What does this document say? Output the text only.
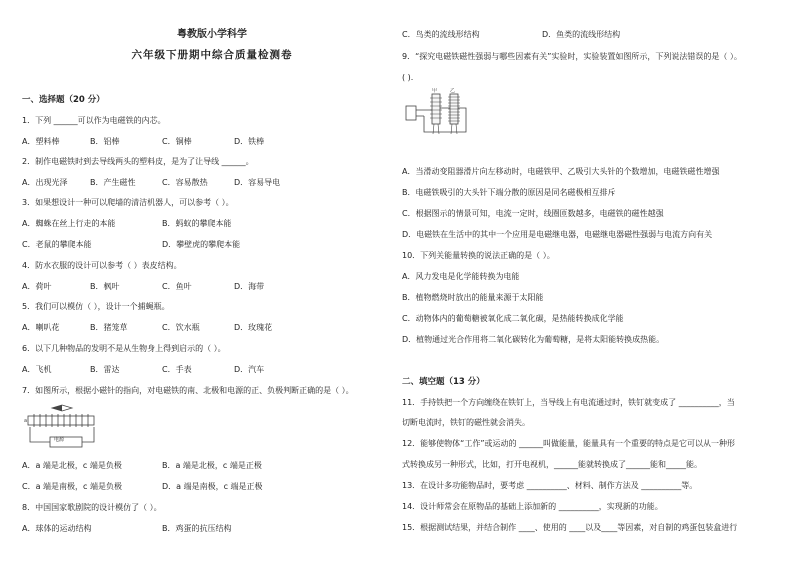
粤教版小学科学
六年级下册期中综合质量检测卷
一、选择题（20 分）
1．下列 ______可以作为电磁铁的内芯。
A．塑料棒	B．铝棒	C．铜棒	D．铁棒
2．制作电磁铁时到去导线两头的塑料皮，是为了让导线 ______。
A．出现光泽	B．产生磁性	C．容易散热	D．容易导电
3．如果想设计一种可以爬墙的清洁机器人，可以参考（ ）。
A．蜘蛛在丝上行走的本能	B．蚂蚁的攀爬本能
C．老鼠的攀爬本能	D．攀壁虎的攀爬本能
4．防水衣服的设计可以参考（ ）表皮结构。
A．荷叶	B．枫叶	C．鱼叶	D．海带
5．我们可以模仿（ ），设计一个捕蝇瓶。
A．喇叭花	B．猪笼草	C．饮水瓶	D．玫瑰花
6．以下几种物品的发明不是从生物身上得到启示的（ ）。
A．飞机	B．雷达	C．手表	D．汽车
7．如图所示，根据小磁针的指向，对电磁铁的南、北极和电源的正、负极判断正确的是（ ）。
a
电源
A．a 端是北极，c 端是负极	B．a 端是北极，c 端是正极
C．a 端是南极，c 端是负极	D．a 端是南极，c 端是正极
8．中国国家歌剧院的设计模仿了（ ）。
A．球体的运动结构	B．鸡蛋的抗压结构
C．鸟类的流线形结构	D．鱼类的流线形结构
9．“探究电磁铁磁性强弱与哪些因素有关”实验时，实验装置如图所示，下列说法错误的是（ ）。
( ).
甲	乙
A．当滑动变阻器滑片向左移动时，电磁铁甲、乙吸引大头针的个数增加，电磁铁磁性增强
B．电磁铁吸引的大头针下端分散的原因是同名磁极相互排斥
C．根据图示的情景可知，电流一定时，线圈匝数越多，电磁铁的磁性越强
D．电磁铁在生活中的其中一个应用是电磁继电器，电磁继电器磁性强弱与电流方向有关
10．下列关能量转换的说法正确的是（ ）。
A．风力发电是化学能转换为电能
B．植物燃烧时放出的能量来源于太阳能
C．动物体内的葡萄糖被氧化成二氧化碳，是热能转换成化学能
D．植物通过光合作用将二氧化碳转化为葡萄糖，是将太阳能转换成热能。
二、填空题（13 分）
11．手持铁把一个方向缠绕在铁钉上，当导线上有电流通过时，铁钉就变成了 __________，当
切断电流时，铁钉的磁性就会消失。
12．能够使物体“工作”或运动的 ______叫做能量，能量具有一个重要的特点是它可以从一种形
式转换成另一种形式，比如，打开电视机，______能就转换成了______能和_____能。
13．在设计多功能物品时，要考虑 __________、材料、制作方法及 __________等。
14．设计师常会在原物品的基础上添加新的 __________，实现新的功能。
15．根据测试结果，并结合制作 ____、使用的 ____以及____等因素，对自制的鸡蛋包装盒进行
